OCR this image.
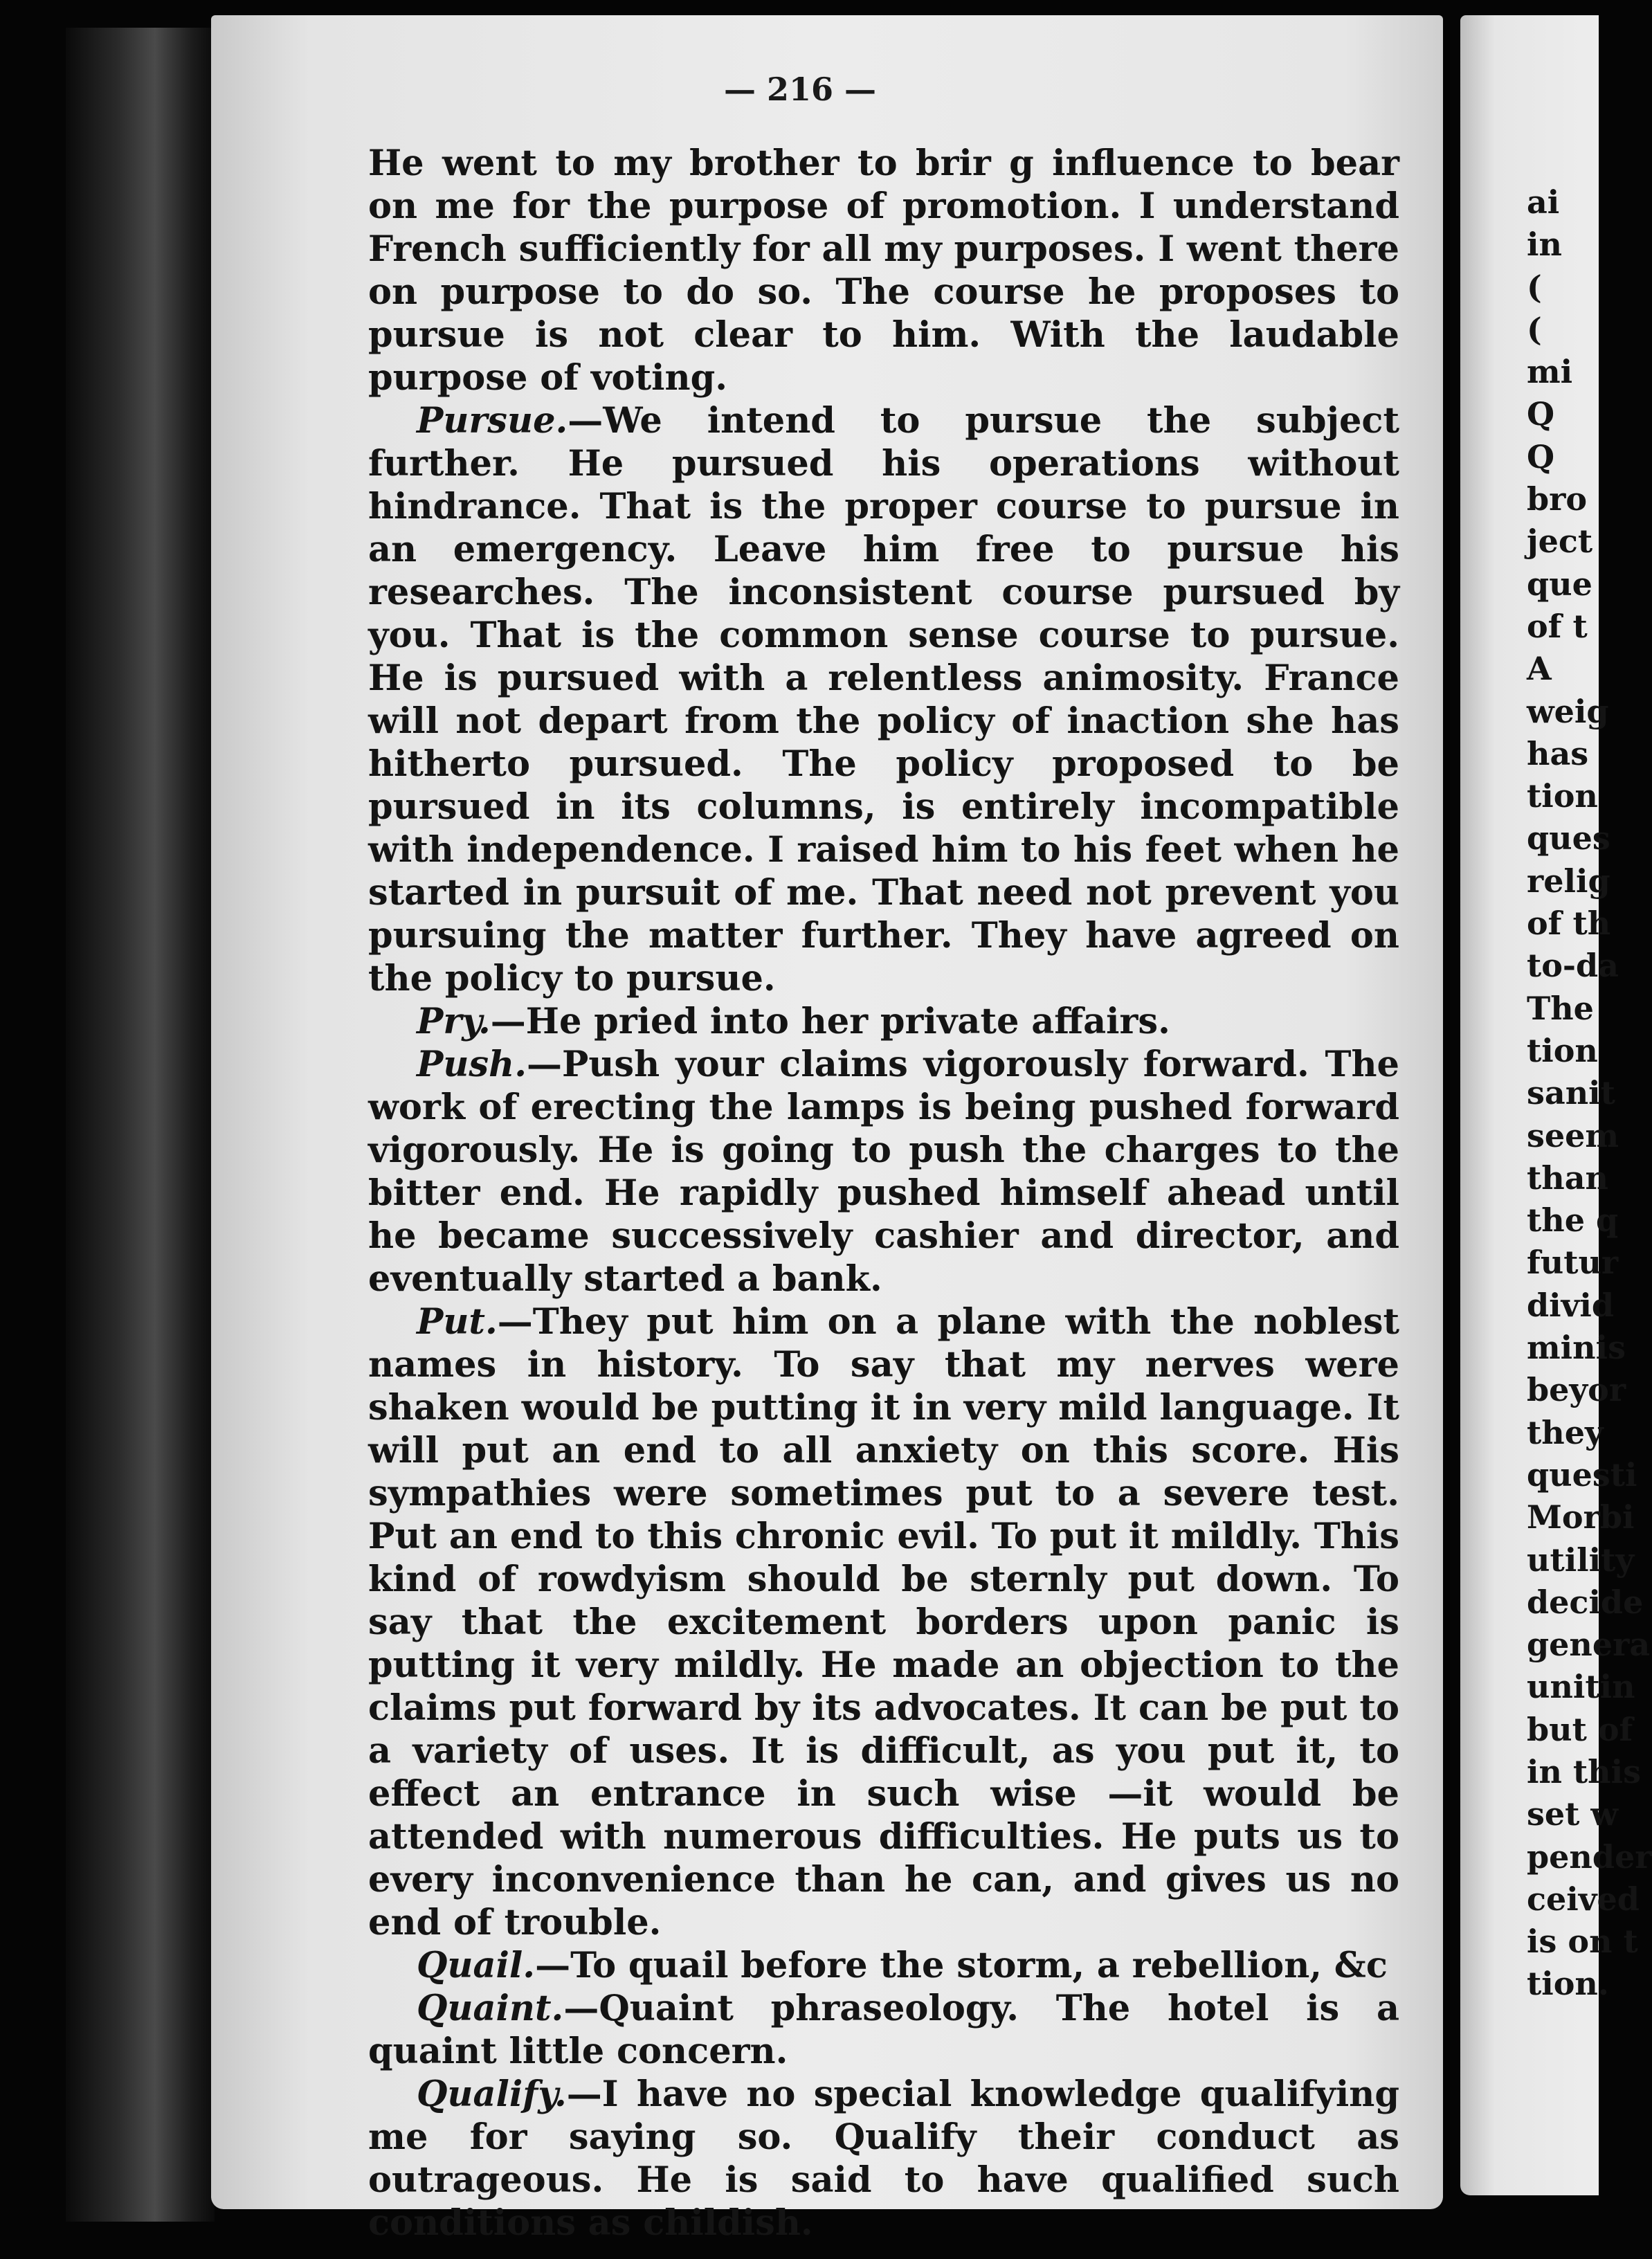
— 216 —

He went to my brother to brir g influence to bear on me for the purpose of promotion. I understand French sufficiently for all my purposes. I went there on purpose to do so. The course he proposes to pursue is not clear to him. With the laudable purpose of voting.

Pursue.—We intend to pursue the subject further. He pursued his operations without hindrance. That is the proper course to pursue in an emergency. Leave him free to pursue his researches. The inconsistent course pursued by you. That is the common sense course to pursue. He is pursued with a relentless animosity. France will not depart from the policy of inaction she has hitherto pursued. The policy proposed to be pursued in its columns, is entirely incompatible with independence. I raised him to his feet when he started in pursuit of me. That need not prevent you pursuing the matter further. They have agreed on the policy to pursue.

Pry.—He pried into her private affairs.

Push.—Push your claims vigorously forward. The work of erecting the lamps is being pushed forward vigorously. He is going to push the charges to the bitter end. He rapidly pushed himself ahead until he became successively cashier and director, and eventually started a bank.

Put.—They put him on a plane with the noblest names in history. To say that my nerves were shaken would be putting it in very mild language. It will put an end to all anxiety on this score. His sympathies were sometimes put to a severe test. Put an end to this chronic evil. To put it mildly. This kind of rowdyism should be sternly put down. To say that the excitement borders upon panic is putting it very mildly. He made an objection to the claims put forward by its advocates. It can be put to a variety of uses. It is difficult, as you put it, to effect an entrance in such wise —it would be attended with numerous difficulties. He puts us to every inconvenience than he can, and gives us no end of trouble.

Quail.—To quail before the storm, a rebellion, &c

Quaint.—Quaint phraseology. The hotel is a quaint little concern.

Qualify.—I have no special knowledge qualifying me for saying so. Qualify their conduct as outrageous. He is said to have qualified such conditions as childish.

ai
in
(
(
mi
Q
Q
bro
ject
que
of t
A
weig
has
tion
ques
relig
of th
to-da
The
tion
sanit
seem
than
the q
futur
divid
minis
beyor
they
questi
Morbi
utility
decide
genera
unitin
but of
in this
set w
pender
ceived
is on t
tion.
